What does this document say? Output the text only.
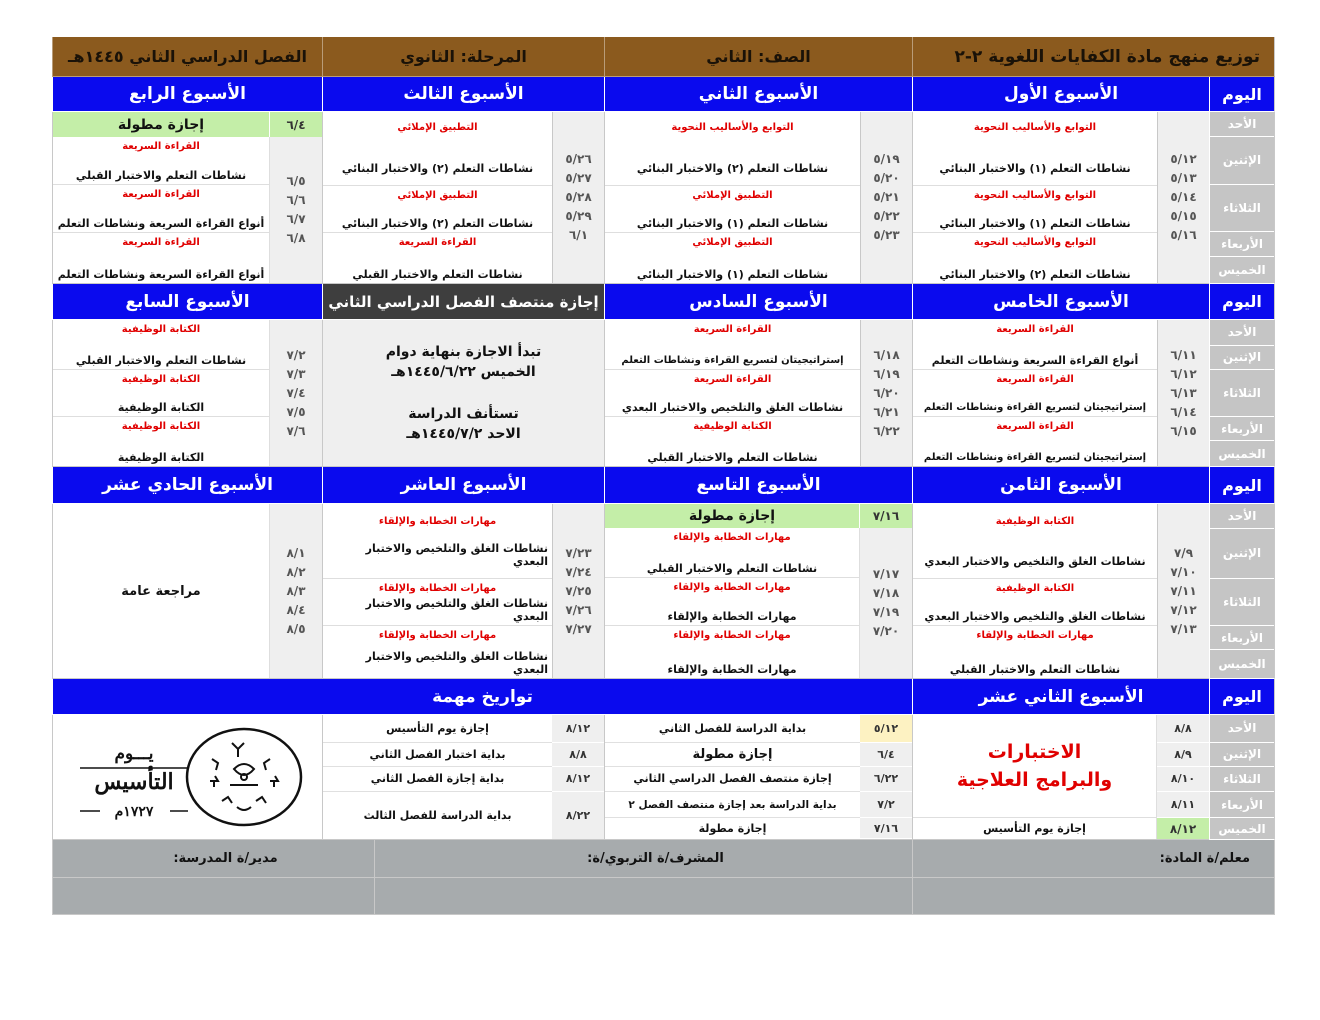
توزيع منهج مادة الكفايات اللغوية ٢-٢
الصف: الثاني
المرحلة: الثانوي
الفصل الدراسي الثاني ١٤٤٥هـ
اليوم
الأسبوع الأول
الأسبوع الثاني
الأسبوع الثالث
الأسبوع الرابع
الأحد
الإثنين
الثلاثاء
الأربعاء
الخميس
٥/١٢
٥/١٣
٥/١٤
٥/١٥
٥/١٦
التوابع والأساليب النحوية
نشاطات التعلم (١) والاختبار البنائي
التوابع والأساليب النحوية
نشاطات التعلم (١) والاختبار البنائي
التوابع والأساليب النحوية
نشاطات التعلم (٢) والاختبار البنائي
٥/١٩
٥/٢٠
٥/٢١
٥/٢٢
٥/٢٣
التوابع والأساليب النحوية
نشاطات التعلم (٢) والاختبار البنائي
التطبيق الإملائي
نشاطات التعلم (١) والاختبار البنائي
التطبيق الإملائي
نشاطات التعلم (١) والاختبار البنائي
٥/٢٦
٥/٢٧
٥/٢٨
٥/٢٩
٦/١
التطبيق الإملائي
نشاطات التعلم (٢) والاختبار البنائي
التطبيق الإملائي
نشاطات التعلم (٢) والاختبار البنائي
القراءة السريعة
نشاطات التعلم والاختبار القبلي
٦/٤
إجازة مطولة
٦/٥
٦/٦
٦/٧
٦/٨
القراءة السريعة
نشاطات التعلم والاختبار القبلي
القراءة السريعة
أنواع القراءة السريعة ونشاطات التعلم
القراءة السريعة
أنواع القراءة السريعة ونشاطات التعلم
اليوم
الأسبوع الخامس
الأسبوع السادس
إجازة منتصف الفصل الدراسي الثاني
الأسبوع السابع
الأحد
الإثنين
الثلاثاء
الأربعاء
الخميس
٦/١١
٦/١٢
٦/١٣
٦/١٤
٦/١٥
القراءة السريعة
أنواع القراءة السريعة ونشاطات التعلم
القراءة السريعة
إستراتيجيتان لتسريع القراءة ونشاطات التعلم
القراءة السريعة
إستراتيجيتان لتسريع القراءة ونشاطات التعلم
٦/١٨
٦/١٩
٦/٢٠
٦/٢١
٦/٢٢
القراءة السريعة
إستراتيجيتان لتسريع القراءة ونشاطات التعلم
القراءة السريعة
نشاطات الغلق والتلخيص والاختبار البعدي
الكتابة الوظيفية
نشاطات التعلم والاختبار القبلي
تبدأ الاجازة بنهاية دوام
الخميس ١٤٤٥/٦/٢٢هـ
تستأنف الدراسة
الاحد ١٤٤٥/٧/٢هـ
٧/٢
٧/٣
٧/٤
٧/٥
٧/٦
الكتابة الوظيفية
نشاطات التعلم والاختبار القبلي
الكتابة الوظيفية
الكتابة الوظيفية
الكتابة الوظيفية
الكتابة الوظيفية
اليوم
الأسبوع الثامن
الأسبوع التاسع
الأسبوع العاشر
الأسبوع الحادي عشر
الأحد
الإثنين
الثلاثاء
الأربعاء
الخميس
٧/٩
٧/١٠
٧/١١
٧/١٢
٧/١٣
الكتابة الوظيفية
نشاطات الغلق والتلخيص والاختبار البعدي
الكتابة الوظيفية
نشاطات الغلق والتلخيص والاختبار البعدي
مهارات الخطابة والإلقاء
نشاطات التعلم والاختبار القبلي
٧/١٦
إجازة مطولة
٧/١٧
٧/١٨
٧/١٩
٧/٢٠
مهارات الخطابة والإلقاء
نشاطات التعلم والاختبار القبلي
مهارات الخطابة والإلقاء
مهارات الخطابة والإلقاء
مهارات الخطابة والإلقاء
مهارات الخطابة والإلقاء
٧/٢٣
٧/٢٤
٧/٢٥
٧/٢٦
٧/٢٧
مهارات الخطابة والإلقاء
نشاطات الغلق والتلخيص والاختبار البعدي
مهارات الخطابة والإلقاء
نشاطات الغلق والتلخيص والاختبار البعدي
مهارات الخطابة والإلقاء
نشاطات الغلق والتلخيص والاختبار البعدي
٨/١
٨/٢
٨/٣
٨/٤
٨/٥
مراجعة عامة
اليوم
الأسبوع الثاني عشر
تواريخ مهمة
الأحد
الإثنين
الثلاثاء
الأربعاء
الخميس
٨/٨
٨/٩
٨/١٠
٨/١١
٨/١٢
الاختبارات
والبرامج العلاجية
إجازة يوم التأسيس
٥/١٢
بداية الدراسة للفصل الثاني
٦/٤
إجازة مطولة
٦/٢٢
إجازة منتصف الفصل الدراسي الثاني
٧/٢
بداية الدراسة بعد إجازة منتصف الفصل ٢
٧/١٦
إجازة مطولة
٨/١٢
إجازة يوم التأسيس
٨/٨
بداية اختبار الفصل الثاني
٨/١٢
بداية إجازة الفصل الثاني
٨/٢٢
بداية الدراسة للفصل الثالث
يـــوم
التأسيس
١٧٢٧م
معلم/ة المادة:
المشرف/ة التربوي/ة:
مدير/ة المدرسة:
